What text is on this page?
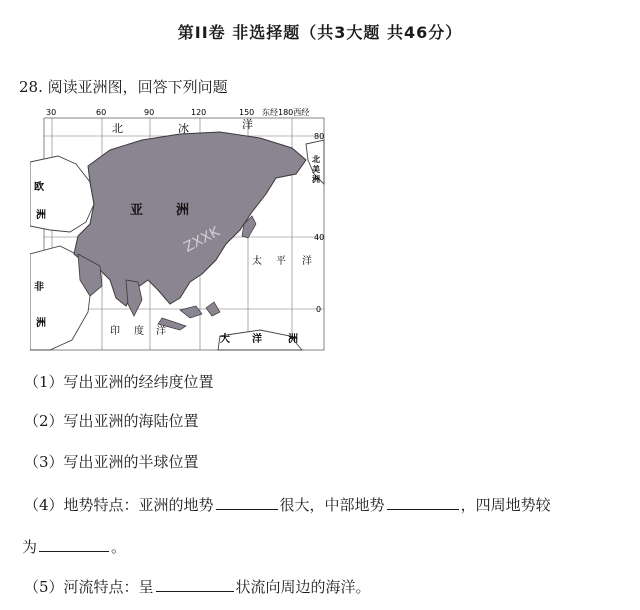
第ⅠⅠ卷 非选择题（共3大题 共46分）
28. 阅读亚洲图，回答下列问题
30	60	90	120	150 东经180西经
80
40
0
北	冰	洋
亚	洲
欧
洲
非
洲
太 平 洋
印 度 洋
大 洋	洲
北
美
洲
ZXXK
（1）写出亚洲的经纬度位置
（2）写出亚洲的海陆位置
（3）写出亚洲的半球位置
（4）地势特点：亚洲的地势	很大，中部地势	，四周地势较
为	。
（5）河流特点：呈	状流向周边的海洋。
